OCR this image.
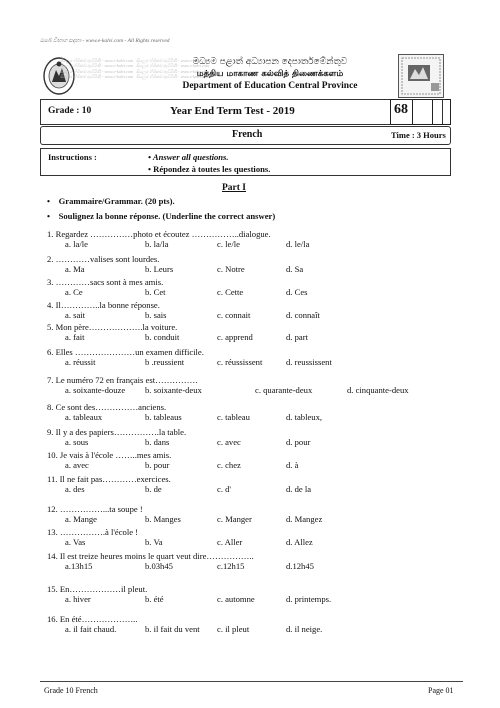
ඔබේ විභාග සදහා - www.e-kalvi.com - All Rights reserved

සියලුම හිමිකම් ඇවිරිණි - www.e-kalvi.com සියලුම හිමිකම් ඇවිරිණි - www.e-kalvi.com
සියලුම හිමිකම් ඇවිරිණි - www.e-kalvi.com සියලුම හිමිකම් ඇවිරිණි - www.e-kalvi.com
සියලුම හිමිකම් ඇවිරිණි - www.e-kalvi.com සියලුම හිමිකම් ඇවිරිණි - www.e-kalvi.com
සියලුම හිමිකම් ඇවිරිණි - www.e-kalvi.com සියලුම හිමිකම් ඇවිරිණි - www.e-kalvi.com

මධ්‍යම පළාත් අධ්‍යාපන දෙපාර්තමේන්තුව
மத்திய மாகாண கல்வித் திணைக்களம்
Department of Education Central Province
Grade : 10	Year End Term Test - 2019	68
French	Time : 3 Hours
Instructions :	• Answer all questions.
• Répondez à toutes les questions.
Part I
•    Grammaire/Grammar. (20 pts).
•    Soulignez la bonne réponse. (Underline the correct answer)
1. Regardez ……………photo et écoutez ……………..dialogue.
a. la/le	b. la/la	c. le/le	d. le/la
2. …………valises sont lourdes.
a. Ma	b. Leurs	c. Notre	d. Sa
3. …………sacs sont à mes amis.
a. Ce	b. Cet	c. Cette	d. Ces
4. Il…………..la bonne réponse.
a. sait	b. sais	c. connait	d. connaît
5. Mon père……………….la voiture.
a. fait	b. conduit	c. apprend	d. part
6. Elles …………………un examen difficile.
a. réussit	b .reussient	c. réussissent	d. reussissent
7. Le numéro 72 en français est……………
a. soixante-douze b. soixante-deux	c. quarante-deux	d. cinquante-deux
8. Ce sont des……………anciens.
a. tableaux	b. tableaus	c. tableau	d. tableux,
9. Il y a des papiers…………….la table.
a. sous	b. dans	c. avec	d. pour
10. Je vais à l'école ……..mes amis.
a. avec	b. pour	c. chez	d. à
11. Il ne fait pas…………exercices.
a. des	b. de	c. d'	d. de la
12. ……………...ta soupe !
a. Mange	b. Manges	c. Manger	d. Mangez
13. …………….à l'école !
a. Vas	b. Va	c. Aller	d. Allez
14. Il est treize heures moins le quart veut dire……………..
a.13h15	b.03h45	c.12h15	d.12h45
15. En………………il pleut.
a. hiver	b. été	c. automne	d. printemps.
16. En été………………..
a. il fait chaud.	b. il fait du vent c. il pleut	d. il neige.
Grade 10 French	Page 01
